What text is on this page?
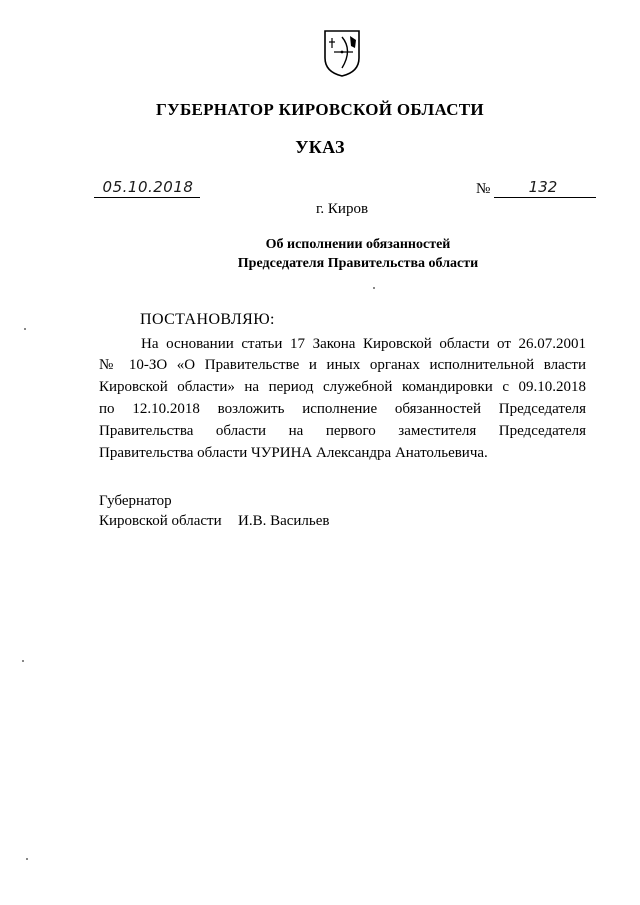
ГУБЕРНАТОР КИРОВСКОЙ ОБЛАСТИ
УКАЗ
05.10.2018	№	132
г. Киров
Об исполнении обязанностей
Председателя Правительства области
ПОСТАНОВЛЯЮ:
На основании статьи 17 Закона Кировской области от 26.07.2001
№ 10-ЗО «О Правительстве и иных органах исполнительной власти
Кировской области» на период служебной командировки с 09.10.2018
по 12.10.2018 возложить исполнение обязанностей Председателя
Правительства области на первого заместителя Председателя
Правительства области ЧУРИНА Александра Анатольевича.
Губернатор
Кировской области И.В. Васильев
